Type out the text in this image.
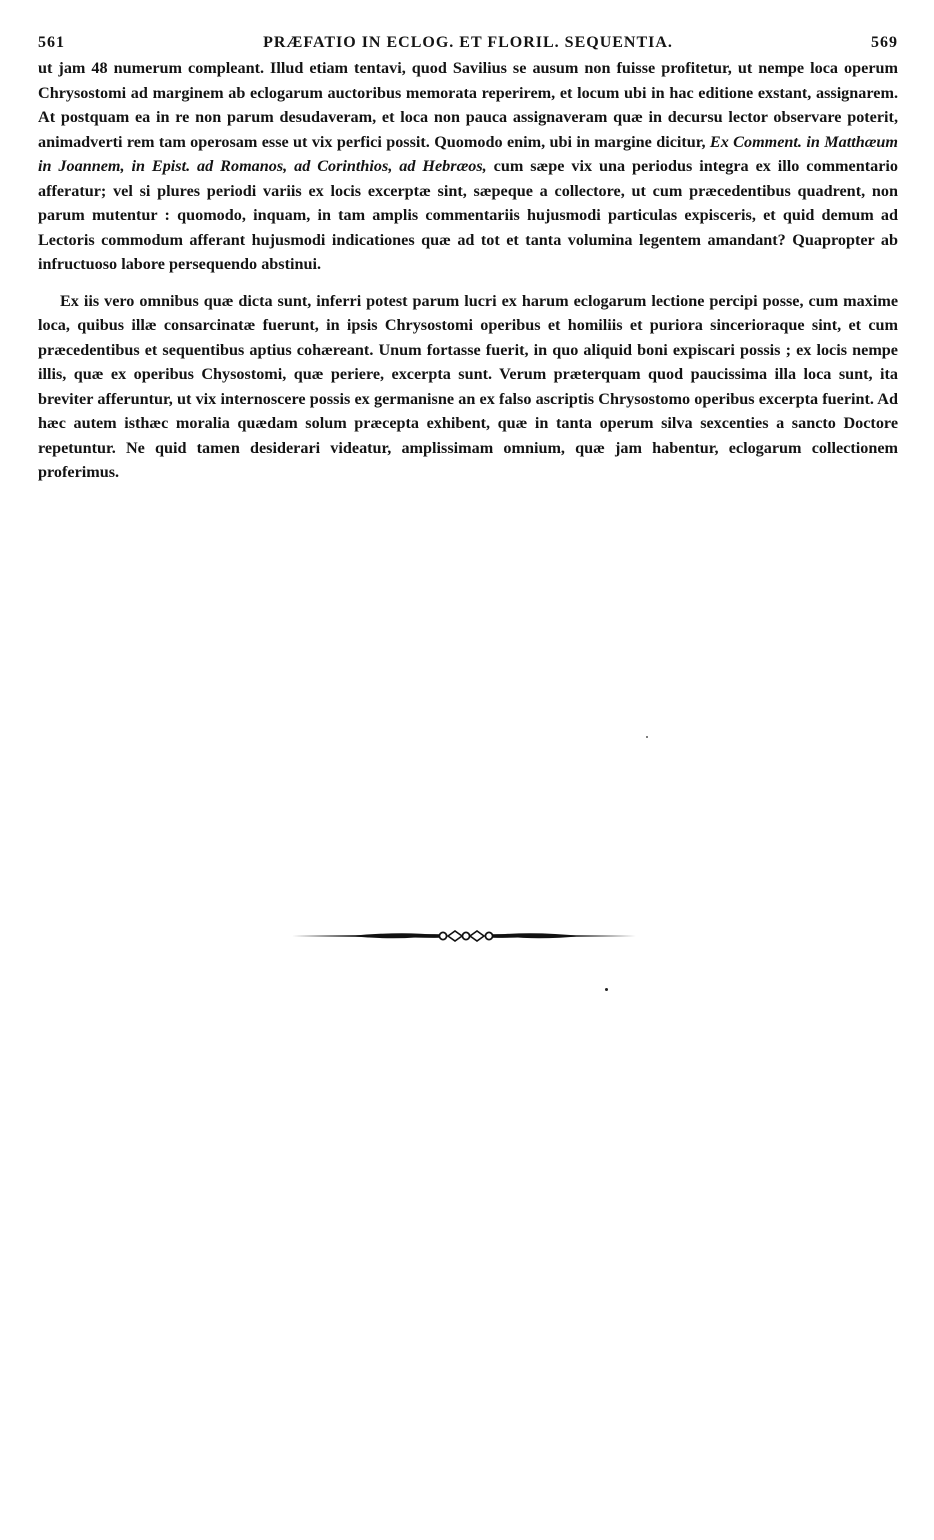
561	PRÆFATIO IN ECLOG. ET FLORIL. SEQUENTIA.	569

ut jam 48 numerum compleant. Illud etiam tentavi, quod Savilius se ausum non fuisse profitetur, ut nempe loca operum Chrysostomi ad marginem ab eclogarum auctoribus memorata reperirem, et locum ubi in hac editione exstant, assignarem. At postquam ea in re non parum desudaveram, et loca non pauca assignaveram quæ in decursu lector observare poterit, animadverti rem tam operosam esse ut vix perfici possit. Quomodo enim, ubi in margine dicitur, Ex Comment. in Matthæum in Joannem, in Epist. ad Romanos, ad Corinthios, ad Hebræos, cum sæpe vix una periodus integra ex illo commentario afferatur; vel si plures periodi variis ex locis excerptæ sint, sæpeque a collectore, ut cum præcedentibus quadrent, non parum mutentur : quomodo, inquam, in tam amplis commentariis hujusmodi particulas expisceris, et quid demum ad Lectoris commodum afferant hujusmodi indicationes quæ ad tot et tanta volumina legentem amandant? Quapropter ab infructuoso labore persequendo abstinui.

Ex iis vero omnibus quæ dicta sunt, inferri potest parum lucri ex harum eclogarum lectione percipi posse, cum maxime loca, quibus illæ consarcinatæ fuerunt, in ipsis Chrysostomi operibus et homiliis et puriora sincerioraque sint, et cum præcedentibus et sequentibus aptius cohæreant. Unum fortasse fuerit, in quo aliquid boni expiscari possis ; ex locis nempe illis, quæ ex operibus Chysostomi, quæ periere, excerpta sunt. Verum præterquam quod paucissima illa loca sunt, ita breviter afferuntur, ut vix internoscere possis ex germanisne an ex falso ascriptis Chrysostomo operibus excerpta fuerint. Ad hæc autem isthæc moralia quædam solum præcepta exhibent, quæ in tanta operum silva sexcenties a sancto Doctore repetuntur. Ne quid tamen desiderari videatur, amplissimam omnium, quæ jam habentur, eclogarum collectionem proferimus.
